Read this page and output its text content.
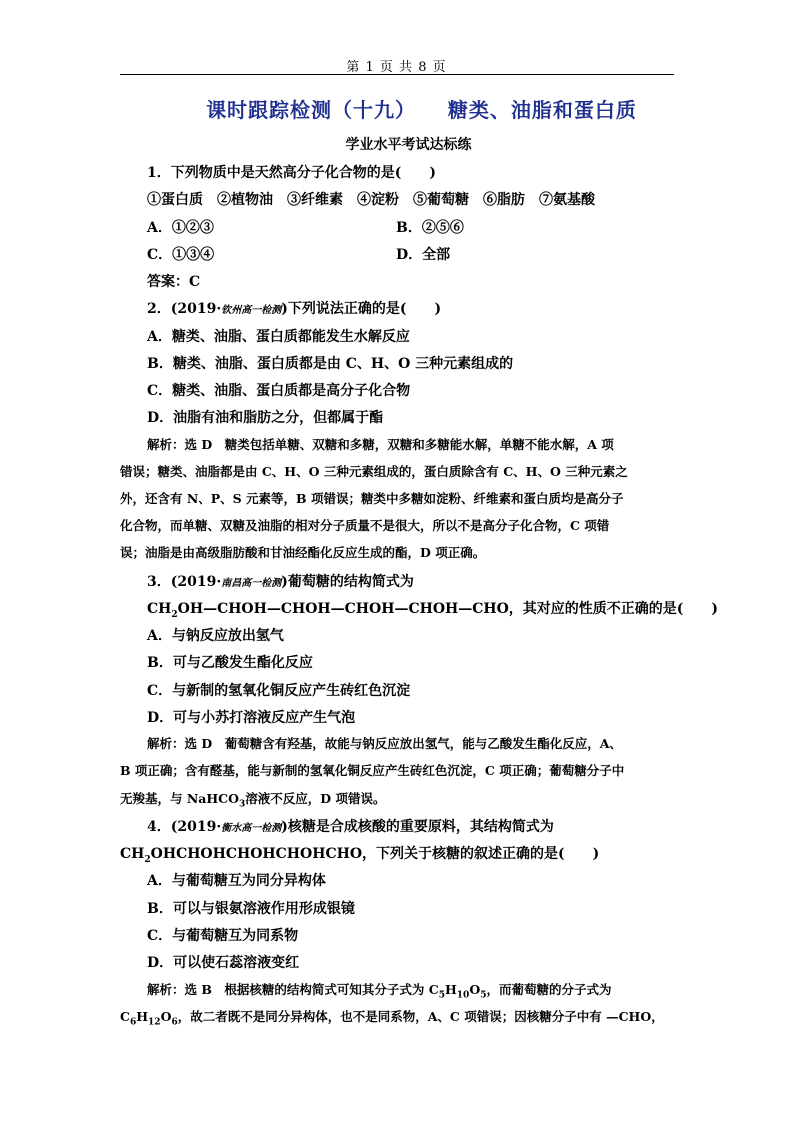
第 1 页 共 8 页
课时跟踪检测（十九）    糖类、油脂和蛋白质
学业水平考试达标练
1．下列物质中是天然高分子化合物的是(　　)
①蛋白质　②植物油　③纤维素　④淀粉　⑤葡萄糖　⑥脂肪　⑦氨基酸
A．①②③	B．②⑤⑥
C．①③④	D．全部
答案：C
2．(2019·钦州高一检测)下列说法正确的是(　　)
A．糖类、油脂、蛋白质都能发生水解反应
B．糖类、油脂、蛋白质都是由 C、H、O 三种元素组成的
C．糖类、油脂、蛋白质都是高分子化合物
D．油脂有油和脂肪之分，但都属于酯
解析：选 D　糖类包括单糖、双糖和多糖，双糖和多糖能水解，单糖不能水解，A 项
错误；糖类、油脂都是由 C、H、O 三种元素组成的，蛋白质除含有 C、H、O 三种元素之
外，还含有 N、P、S 元素等，B 项错误；糖类中多糖如淀粉、纤维素和蛋白质均是高分子
化合物，而单糖、双糖及油脂的相对分子质量不是很大，所以不是高分子化合物，C 项错
误；油脂是由高级脂肪酸和甘油经酯化反应生成的酯，D 项正确。
3．(2019·南昌高一检测)葡萄糖的结构简式为
$CH_2OH—CHOH—CHOH—CHOH—CHOH—CHO$，其对应的性质不正确的是(　　)
A．与钠反应放出氢气
B．可与乙酸发生酯化反应
C．与新制的氢氧化铜反应产生砖红色沉淀
D．可与小苏打溶液反应产生气泡
解析：选 D　葡萄糖含有羟基，故能与钠反应放出氢气，能与乙酸发生酯化反应，A、
B 项正确；含有醛基，能与新制的氢氧化铜反应产生砖红色沉淀，C 项正确；葡萄糖分子中
无羧基，与 NaHCO$_3$溶液不反应，D 项错误。
4．(2019·衡水高一检测)核糖是合成核酸的重要原料，其结构简式为
$CH_2OHCHOHCHOHCHOHCHO$，下列关于核糖的叙述正确的是(　　)
A．与葡萄糖互为同分异构体
B．可以与银氨溶液作用形成银镜
C．与葡萄糖互为同系物
D．可以使石蕊溶液变红
解析：选 B　根据核糖的结构简式可知其分子式为 $C_5H_{10}O_5$，而葡萄糖的分子式为
$C_6H_{12}O_6$，故二者既不是同分异构体，也不是同系物，A、C 项错误；因核糖分子中有 —CHO，
